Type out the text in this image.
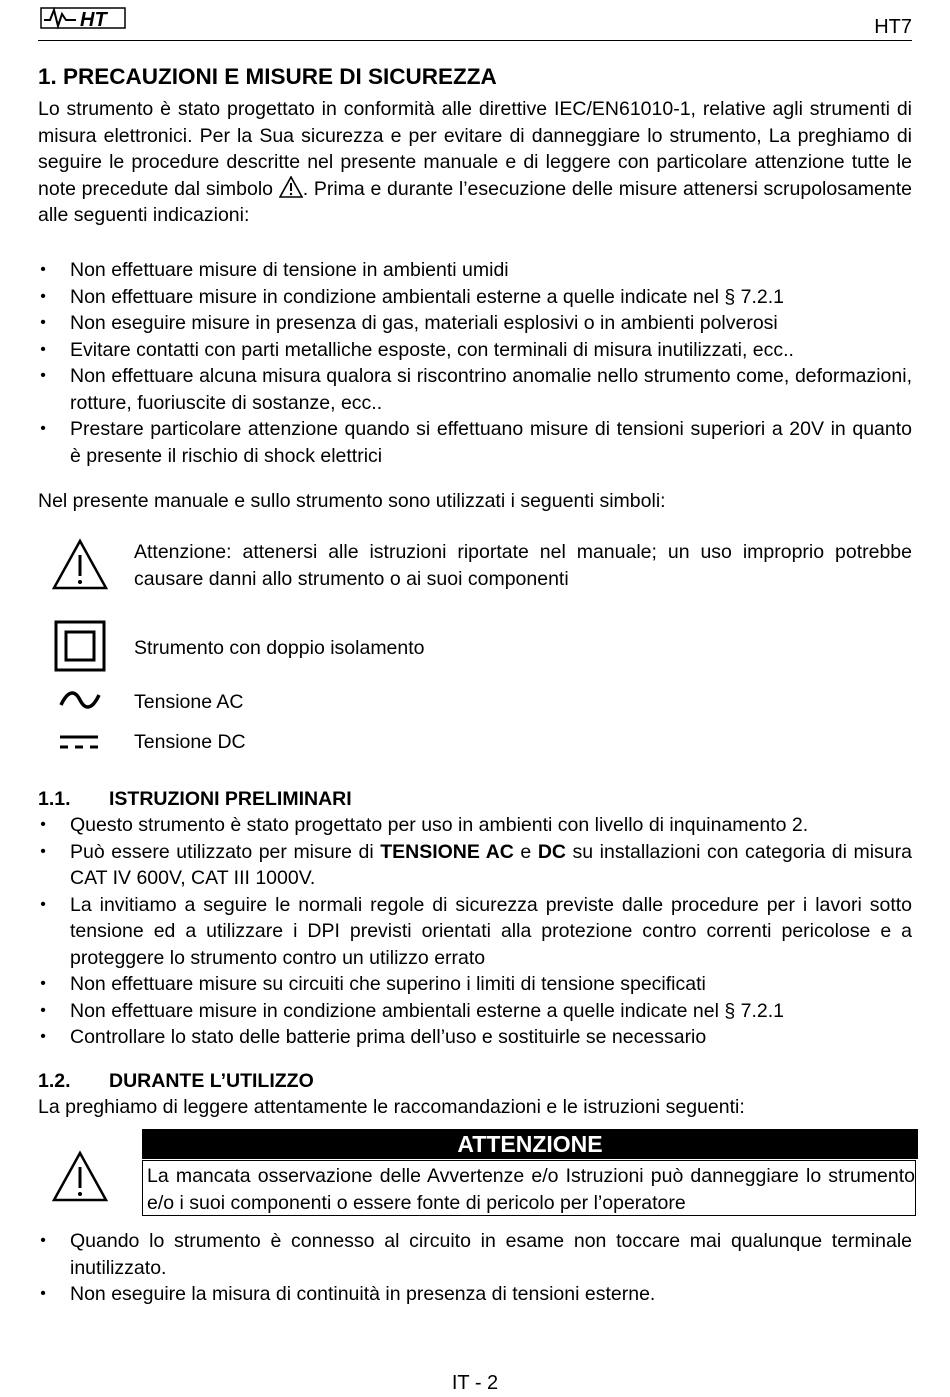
HT	HT7
1. PRECAUZIONI E MISURE DI SICUREZZA
Lo strumento è stato progettato in conformità alle direttive IEC/EN61010-1, relative agli strumenti di misura elettronici. Per la Sua sicurezza e per evitare di danneggiare lo strumento, La preghiamo di seguire le procedure descritte nel presente manuale e di leggere con particolare attenzione tutte le note precedute dal simbolo . Prima e durante l’esecuzione delle misure attenersi scrupolosamente alle seguenti indicazioni:
• Non effettuare misure di tensione in ambienti umidi
• Non effettuare misure in condizione ambientali esterne a quelle indicate nel § 7.2.1
• Non eseguire misure in presenza di gas, materiali esplosivi o in ambienti polverosi
• Evitare contatti con parti metalliche esposte, con terminali di misura inutilizzati, ecc..
• Non effettuare alcuna misura qualora si riscontrino anomalie nello strumento come, deformazioni, rotture, fuoriuscite di sostanze, ecc..
• Prestare particolare attenzione quando si effettuano misure di tensioni superiori a 20V in quanto è presente il rischio di shock elettrici
Nel presente manuale e sullo strumento sono utilizzati i seguenti simboli:
Attenzione: attenersi alle istruzioni riportate nel manuale; un uso improprio potrebbe causare danni allo strumento o ai suoi componenti
Strumento con doppio isolamento
Tensione AC
Tensione DC
1.1. ISTRUZIONI PRELIMINARI
• Questo strumento è stato progettato per uso in ambienti con livello di inquinamento 2.
• Può essere utilizzato per misure di TENSIONE AC e DC su installazioni con categoria di misura CAT IV 600V, CAT III 1000V.
• La invitiamo a seguire le normali regole di sicurezza previste dalle procedure per i lavori sotto tensione ed a utilizzare i DPI previsti orientati alla protezione contro correnti pericolose e a proteggere lo strumento contro un utilizzo errato
• Non effettuare misure su circuiti che superino i limiti di tensione specificati
• Non effettuare misure in condizione ambientali esterne a quelle indicate nel § 7.2.1
• Controllare lo stato delle batterie prima dell’uso e sostituirle se necessario
1.2. DURANTE L’UTILIZZO
La preghiamo di leggere attentamente le raccomandazioni e le istruzioni seguenti:
ATTENZIONE
La mancata osservazione delle Avvertenze e/o Istruzioni può danneggiare lo strumento e/o i suoi componenti o essere fonte di pericolo per l’operatore
• Quando lo strumento è connesso al circuito in esame non toccare mai qualunque terminale inutilizzato.
• Non eseguire la misura di continuità in presenza di tensioni esterne.
IT - 2
